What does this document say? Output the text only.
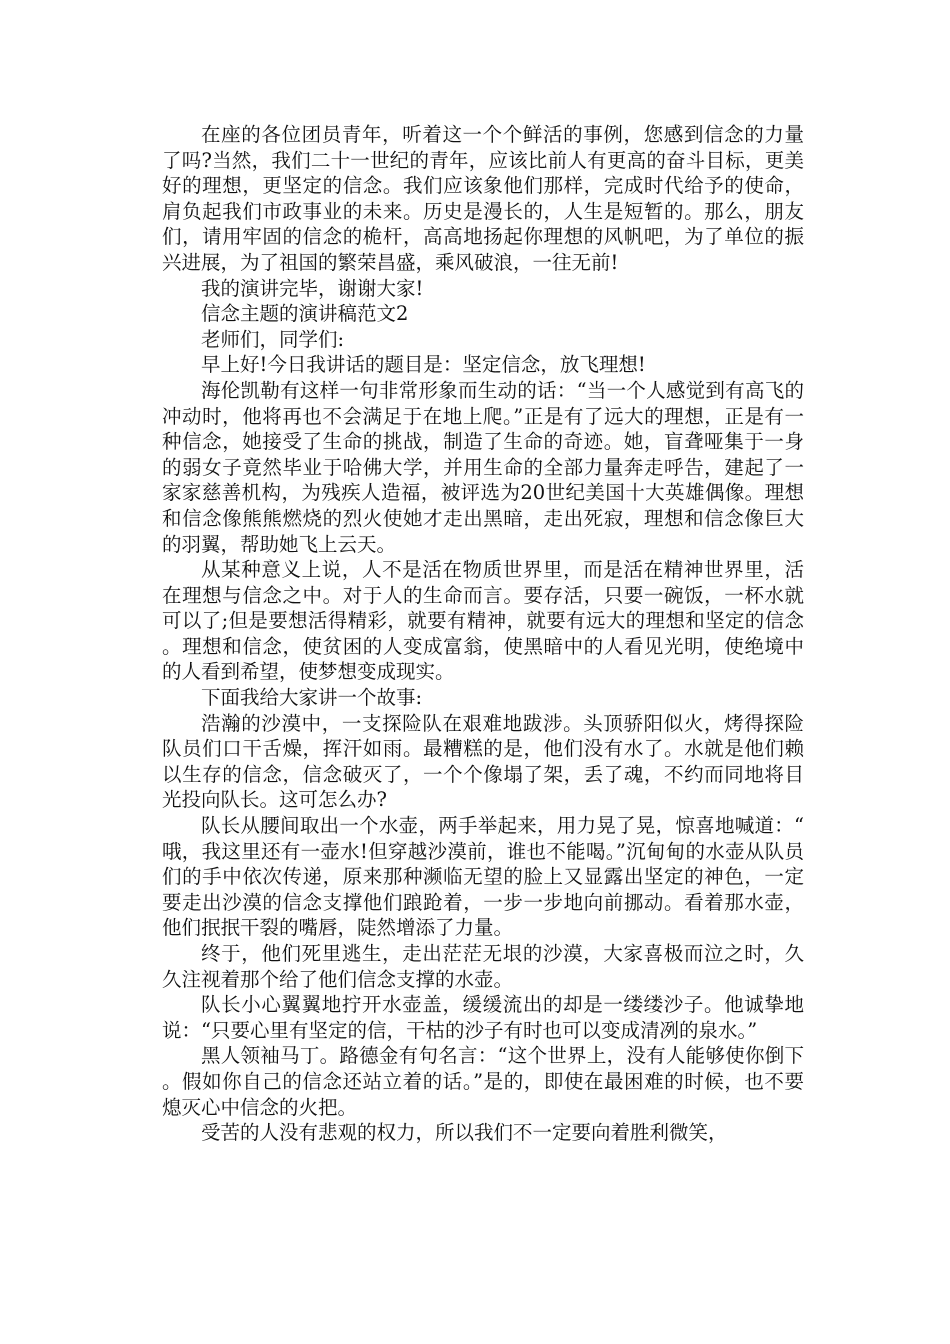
在座的各位团员青年，听着这一个个鲜活的事例，您感到信念的力量了吗?当然，我们二十一世纪的青年，应该比前人有更高的奋斗目标，更美好的理想，更坚定的信念。我们应该象他们那样，完成时代给予的使命，肩负起我们市政事业的未来。历史是漫长的，人生是短暂的。那么，朋友们，请用牢固的信念的桅杆，高高地扬起你理想的风帆吧，为了单位的振兴进展，为了祖国的繁荣昌盛，乘风破浪，一往无前!

我的演讲完毕，谢谢大家!

信念主题的演讲稿范文2

老师们，同学们:

早上好!今日我讲话的题目是：坚定信念，放飞理想!

海伦凯勒有这样一句非常形象而生动的话：“当一个人感觉到有高飞的冲动时，他将再也不会满足于在地上爬。”正是有了远大的理想，正是有一种信念，她接受了生命的挑战，制造了生命的奇迹。她，盲聋哑集于一身的弱女子竟然毕业于哈佛大学，并用生命的全部力量奔走呼告，建起了一家家慈善机构，为残疾人造福，被评选为20世纪美国十大英雄偶像。理想和信念像熊熊燃烧的烈火使她才走出黑暗，走出死寂，理想和信念像巨大的羽翼，帮助她飞上云天。

从某种意义上说，人不是活在物质世界里，而是活在精神世界里，活在理想与信念之中。对于人的生命而言。要存活，只要一碗饭，一杯水就可以了;但是要想活得精彩，就要有精神，就要有远大的理想和坚定的信念。理想和信念，使贫困的人变成富翁，使黑暗中的人看见光明，使绝境中的人看到希望，使梦想变成现实。

下面我给大家讲一个故事:

浩瀚的沙漠中，一支探险队在艰难地跋涉。头顶骄阳似火，烤得探险队员们口干舌燥，挥汗如雨。最糟糕的是，他们没有水了。水就是他们赖以生存的信念，信念破灭了，一个个像塌了架，丢了魂，不约而同地将目光投向队长。这可怎么办?

队长从腰间取出一个水壶，两手举起来，用力晃了晃，惊喜地喊道：“哦，我这里还有一壶水!但穿越沙漠前，谁也不能喝。”沉甸甸的水壶从队员们的手中依次传递，原来那种濒临无望的脸上又显露出坚定的神色，一定要走出沙漠的信念支撑他们踉跄着，一步一步地向前挪动。看着那水壶，他们抿抿干裂的嘴唇，陡然增添了力量。

终于，他们死里逃生，走出茫茫无垠的沙漠，大家喜极而泣之时，久久注视着那个给了他们信念支撑的水壶。

队长小心翼翼地拧开水壶盖，缓缓流出的却是一缕缕沙子。他诚挚地说：“只要心里有坚定的信，干枯的沙子有时也可以变成清冽的泉水。”

黑人领袖马丁。路德金有句名言：“这个世界上，没有人能够使你倒下。假如你自己的信念还站立着的话。”是的，即使在最困难的时候，也不要熄灭心中信念的火把。

受苦的人没有悲观的权力，所以我们不一定要向着胜利微笑，
